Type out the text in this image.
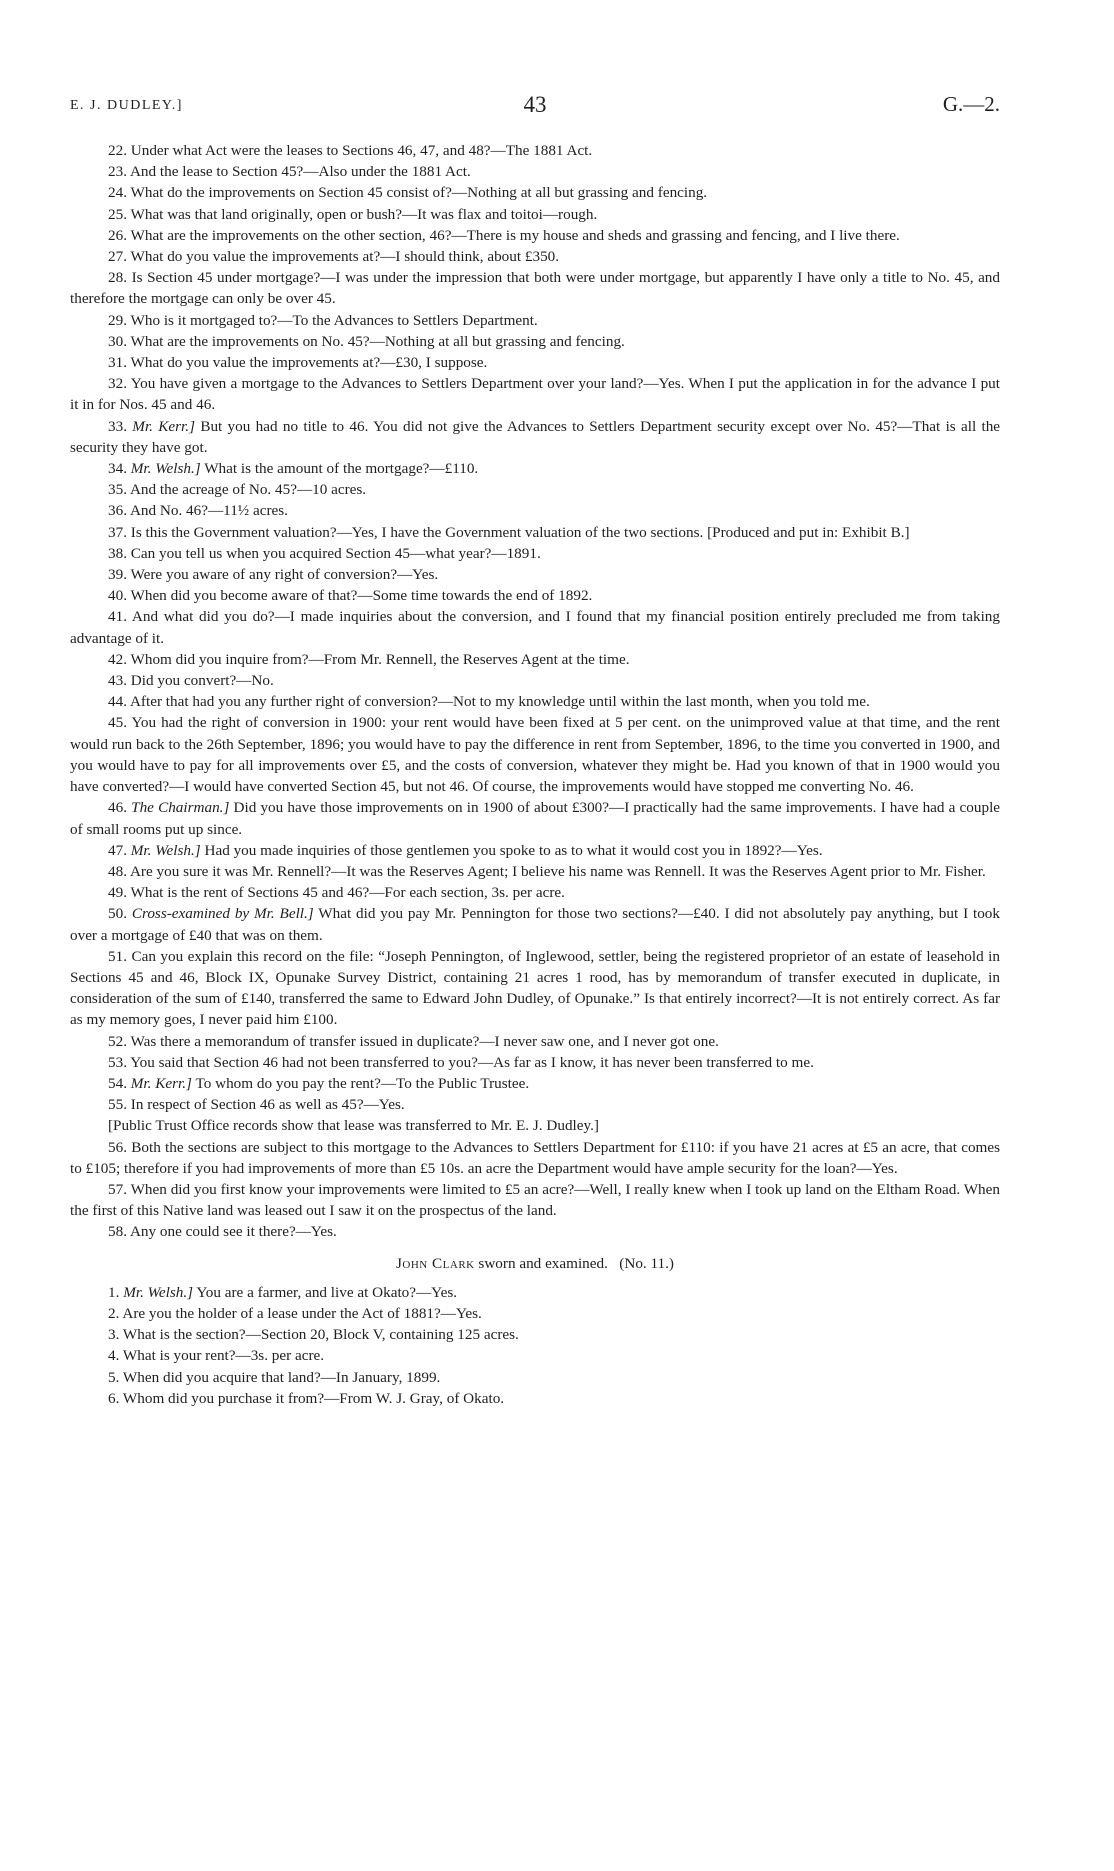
E. J. DUDLEY.]	43	G.—2.

22. Under what Act were the leases to Sections 46, 47, and 48?—The 1881 Act.

23. And the lease to Section 45?—Also under the 1881 Act.

24. What do the improvements on Section 45 consist of?—Nothing at all but grassing and fencing.

25. What was that land originally, open or bush?—It was flax and toitoi—rough.

26. What are the improvements on the other section, 46?—There is my house and sheds and grassing and fencing, and I live there.

27. What do you value the improvements at?—I should think, about £350.

28. Is Section 45 under mortgage?—I was under the impression that both were under mortgage, but apparently I have only a title to No. 45, and therefore the mortgage can only be over 45.

29. Who is it mortgaged to?—To the Advances to Settlers Department.

30. What are the improvements on No. 45?—Nothing at all but grassing and fencing.

31. What do you value the improvements at?—£30, I suppose.

32. You have given a mortgage to the Advances to Settlers Department over your land?—Yes. When I put the application in for the advance I put it in for Nos. 45 and 46.

33. Mr. Kerr.] But you had no title to 46. You did not give the Advances to Settlers Department security except over No. 45?—That is all the security they have got.

34. Mr. Welsh.] What is the amount of the mortgage?—£110.

35. And the acreage of No. 45?—10 acres.

36. And No. 46?—11½ acres.

37. Is this the Government valuation?—Yes, I have the Government valuation of the two sections. [Produced and put in: Exhibit B.]

38. Can you tell us when you acquired Section 45—what year?—1891.

39. Were you aware of any right of conversion?—Yes.

40. When did you become aware of that?—Some time towards the end of 1892.

41. And what did you do?—I made inquiries about the conversion, and I found that my financial position entirely precluded me from taking advantage of it.

42. Whom did you inquire from?—From Mr. Rennell, the Reserves Agent at the time.

43. Did you convert?—No.

44. After that had you any further right of conversion?—Not to my knowledge until within the last month, when you told me.

45. You had the right of conversion in 1900: your rent would have been fixed at 5 per cent. on the unimproved value at that time, and the rent would run back to the 26th September, 1896; you would have to pay the difference in rent from September, 1896, to the time you converted in 1900, and you would have to pay for all improvements over £5, and the costs of conversion, whatever they might be. Had you known of that in 1900 would you have converted?—I would have converted Section 45, but not 46. Of course, the improvements would have stopped me converting No. 46.

46. The Chairman.] Did you have those improvements on in 1900 of about £300?—I practically had the same improvements. I have had a couple of small rooms put up since.

47. Mr. Welsh.] Had you made inquiries of those gentlemen you spoke to as to what it would cost you in 1892?—Yes.

48. Are you sure it was Mr. Rennell?—It was the Reserves Agent; I believe his name was Rennell. It was the Reserves Agent prior to Mr. Fisher.

49. What is the rent of Sections 45 and 46?—For each section, 3s. per acre.

50. Cross-examined by Mr. Bell.] What did you pay Mr. Pennington for those two sections?—£40. I did not absolutely pay anything, but I took over a mortgage of £40 that was on them.

51. Can you explain this record on the file: “Joseph Pennington, of Inglewood, settler, being the registered proprietor of an estate of leasehold in Sections 45 and 46, Block IX, Opunake Survey District, containing 21 acres 1 rood, has by memorandum of transfer executed in duplicate, in consideration of the sum of £140, transferred the same to Edward John Dudley, of Opunake.” Is that entirely incorrect?—It is not entirely correct. As far as my memory goes, I never paid him £100.

52. Was there a memorandum of transfer issued in duplicate?—I never saw one, and I never got one.

53. You said that Section 46 had not been transferred to you?—As far as I know, it has never been transferred to me.

54. Mr. Kerr.] To whom do you pay the rent?—To the Public Trustee.

55. In respect of Section 46 as well as 45?—Yes.

[Public Trust Office records show that lease was transferred to Mr. E. J. Dudley.]

56. Both the sections are subject to this mortgage to the Advances to Settlers Department for £110: if you have 21 acres at £5 an acre, that comes to £105; therefore if you had improvements of more than £5 10s. an acre the Department would have ample security for the loan?—Yes.

57. When did you first know your improvements were limited to £5 an acre?—Well, I really knew when I took up land on the Eltham Road. When the first of this Native land was leased out I saw it on the prospectus of the land.

58. Any one could see it there?—Yes.

John Clark sworn and examined. (No. 11.)

1. Mr. Welsh.] You are a farmer, and live at Okato?—Yes.

2. Are you the holder of a lease under the Act of 1881?—Yes.

3. What is the section?—Section 20, Block V, containing 125 acres.

4. What is your rent?—3s. per acre.

5. When did you acquire that land?—In January, 1899.

6. Whom did you purchase it from?—From W. J. Gray, of Okato.
